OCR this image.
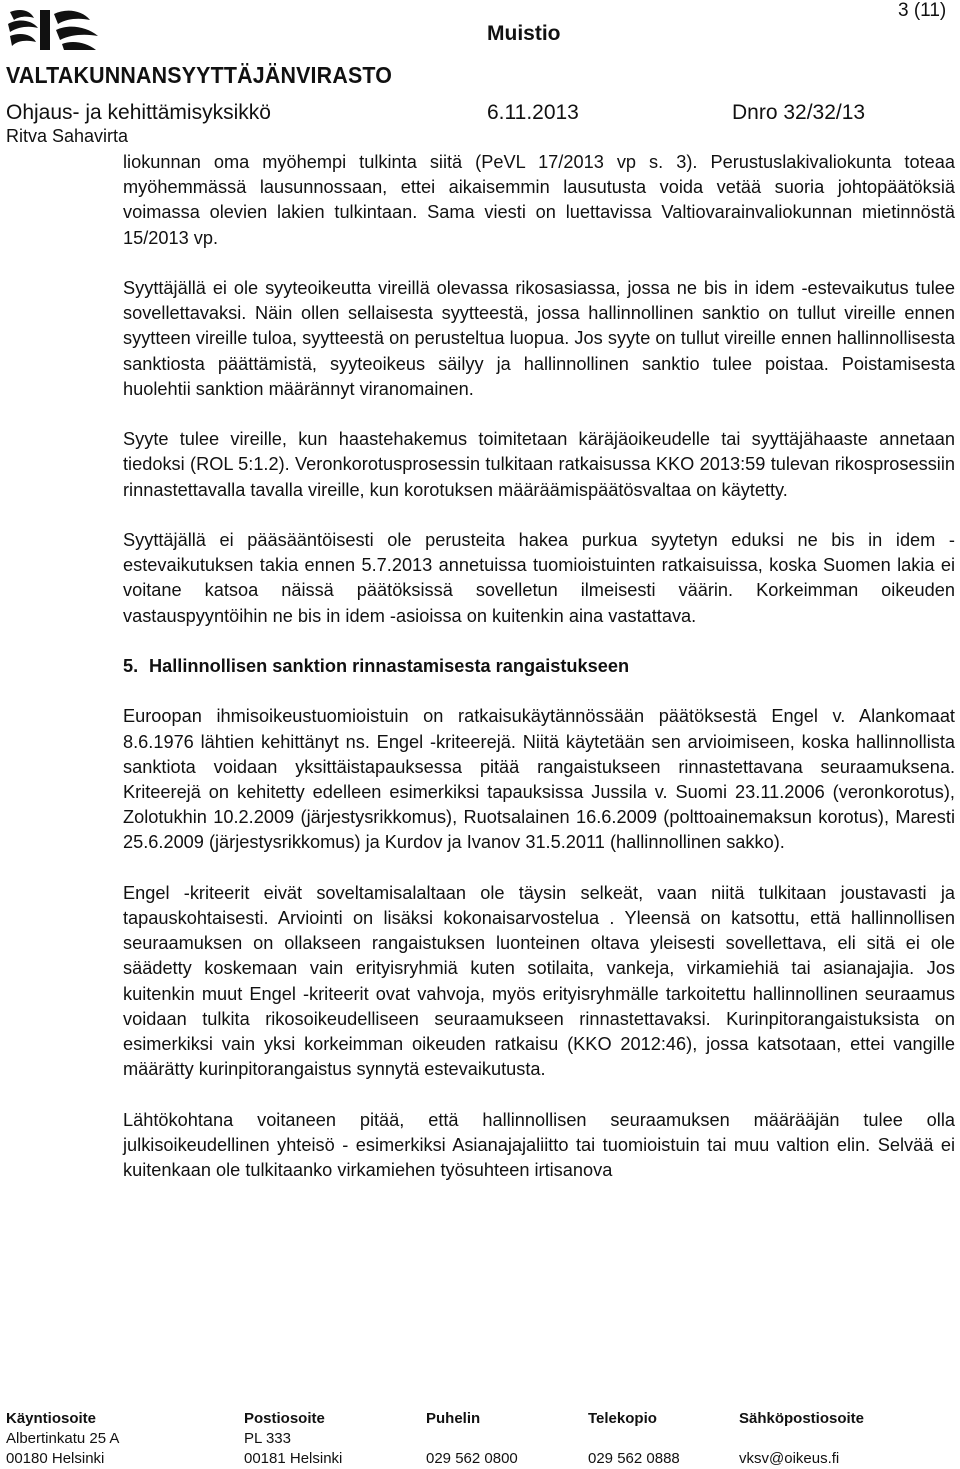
VALTAKUNNANSYYTTÄJÄNVIRASTO
Muistio
3 (11)
Ohjaus- ja kehittämisyksikkö	6.11.2013	Dnro 32/32/13
Ritva Sahavirta

liokunnan oma myöhempi tulkinta siitä (PeVL 17/2013 vp s. 3). Perustuslakivaliokunta toteaa myöhemmässä lausunnossaan, ettei aikaisemmin lausutusta voida vetää suoria johtopäätöksiä voimassa olevien lakien tulkintaan. Sama viesti on luettavissa Valtiovarainvaliokunnan mietinnöstä 15/2013 vp.

Syyttäjällä ei ole syyteoikeutta vireillä olevassa rikosasiassa, jossa ne bis in idem -estevaikutus tulee sovellettavaksi. Näin ollen sellaisesta syytteestä, jossa hallinnollinen sanktio on tullut vireille ennen syytteen vireille tuloa, syytteestä on perusteltua luopua. Jos syyte on tullut vireille ennen hallinnollisesta sanktiosta päättämistä, syyteoikeus säilyy ja hallinnollinen sanktio tulee poistaa. Poistamisesta huolehtii sanktion määrännyt viranomainen.

Syyte tulee vireille, kun haastehakemus toimitetaan käräjäoikeudelle tai syyttäjähaaste annetaan tiedoksi (ROL 5:1.2). Veronkorotusprosessin tulkitaan ratkaisussa KKO 2013:59 tulevan rikosprosessiin rinnastettavalla tavalla vireille, kun korotuksen määräämispäätösvaltaa on käytetty.

Syyttäjällä ei pääsääntöisesti ole perusteita hakea purkua syytetyn eduksi ne bis in idem -estevaikutuksen takia ennen 5.7.2013 annetuissa tuomioistuinten ratkaisuissa, koska Suomen lakia ei voitane katsoa näissä päätöksissä sovelletun ilmeisesti väärin. Korkeimman oikeuden vastauspyyntöihin ne bis in idem -asioissa on kuitenkin aina vastattava.

5. Hallinnollisen sanktion rinnastamisesta rangaistukseen

Euroopan ihmisoikeustuomioistuin on ratkaisukäytännössään päätöksestä Engel v. Alankomaat 8.6.1976 lähtien kehittänyt ns. Engel -kriteerejä. Niitä käytetään sen arvioimiseen, koska hallinnollista sanktiota voidaan yksittäistapauksessa pitää rangaistukseen rinnastettavana seuraamuksena. Kriteerejä on kehitetty edelleen esimerkiksi tapauksissa Jussila v. Suomi 23.11.2006 (veronkorotus), Zolotukhin 10.2.2009 (järjestysrikkomus), Ruotsalainen 16.6.2009 (polttoainemaksun korotus), Maresti 25.6.2009 (järjestysrikkomus) ja Kurdov ja Ivanov 31.5.2011 (hallinnollinen sakko).

Engel -kriteerit eivät soveltamisalaltaan ole täysin selkeät, vaan niitä tulkitaan joustavasti ja tapauskohtaisesti. Arviointi on lisäksi kokonaisarvostelua . Yleensä on katsottu, että hallinnollisen seuraamuksen on ollakseen rangaistuksen luonteinen oltava yleisesti sovellettava, eli sitä ei ole säädetty koskemaan vain erityisryhmiä kuten sotilaita, vankeja, virkamiehiä tai asianajajia. Jos kuitenkin muut Engel -kriteerit ovat vahvoja, myös erityisryhmälle tarkoitettu hallinnollinen seuraamus voidaan tulkita rikosoikeudelliseen seuraamukseen rinnastettavaksi. Kurinpitorangaistuksista on esimerkiksi vain yksi korkeimman oikeuden ratkaisu (KKO 2012:46), jossa katsotaan, ettei vangille määrätty kurinpitorangaistus synnytä estevaikutusta.

Lähtökohtana voitaneen pitää, että hallinnollisen seuraamuksen määrääjän tulee olla julkisoikeudellinen yhteisö - esimerkiksi Asianajajaliitto tai tuomioistuin tai muu valtion elin. Selvää ei kuitenkaan ole tulkitaanko virkamiehen työsuhteen irtisanova

Käyntiosoite
Albertinkatu 25 A
00180 Helsinki
Postiosoite
PL 333
00181 Helsinki
Puhelin

029 562 0800
Telekopio

029 562 0888
Sähköpostiosoite

vksv@oikeus.fi
